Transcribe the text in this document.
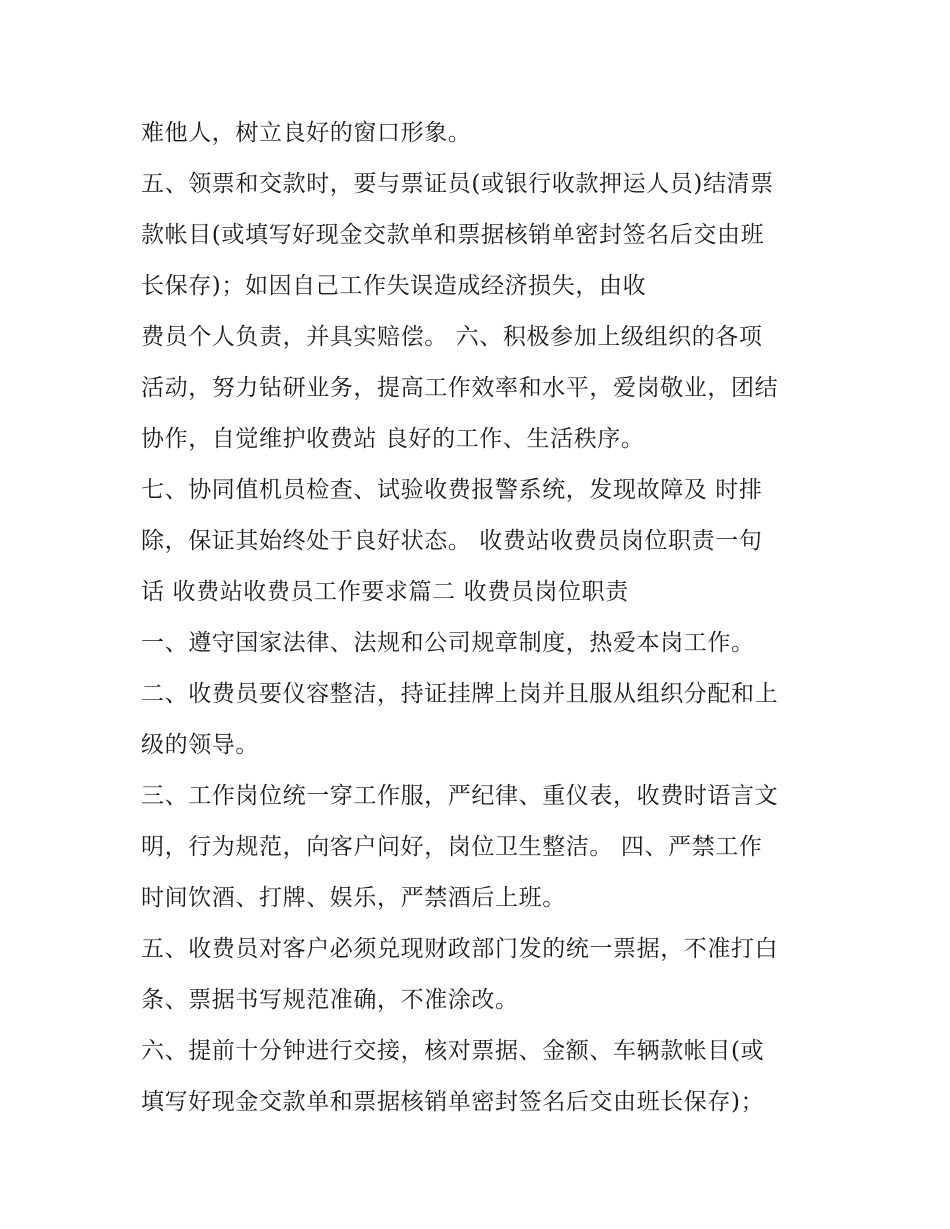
难他人，树立良好的窗口形象。
五、领票和交款时，要与票证员(或银行收款押运人员)结清票
款帐目(或填写好现金交款单和票据核销单密封签名后交由班
长保存)；如因自己工作失误造成经济损失，由收
费员个人负责，并具实赔偿。 六、积极参加上级组织的各项
活动，努力钻研业务，提高工作效率和水平，爱岗敬业，团结
协作，自觉维护收费站 良好的工作、生活秩序。
七、协同值机员检查、试验收费报警系统，发现故障及 时排
除，保证其始终处于良好状态。 收费站收费员岗位职责一句
话 收费站收费员工作要求篇二 收费员岗位职责
一、遵守国家法律、法规和公司规章制度，热爱本岗工作。
二、收费员要仪容整洁，持证挂牌上岗并且服从组织分配和上
级的领导。
三、工作岗位统一穿工作服，严纪律、重仪表，收费时语言文
明，行为规范，向客户问好，岗位卫生整洁。 四、严禁工作
时间饮酒、打牌、娱乐，严禁酒后上班。
五、收费员对客户必须兑现财政部门发的统一票据，不准打白
条、票据书写规范准确，不准涂改。
六、提前十分钟进行交接，核对票据、金额、车辆款帐目(或
填写好现金交款单和票据核销单密封签名后交由班长保存)；
